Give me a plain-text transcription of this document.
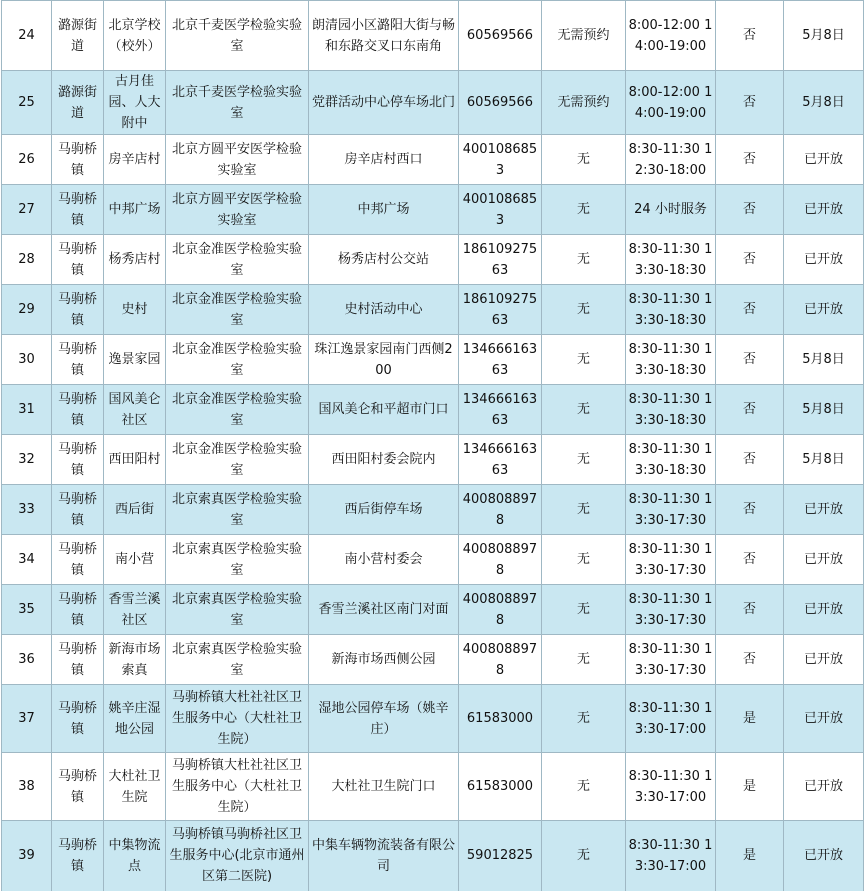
24	潞源街道	北京学校（校外）	北京千麦医学检验实验室	朗清园小区潞阳大街与畅和东路交叉口东南角	60569566	无需预约	8:00-12:00 14:00-19:00	否	5月8日
25	潞源街道	古月佳园、人大附中	北京千麦医学检验实验室	党群活动中心停车场北门	60569566	无需预约	8:00-12:00 14:00-19:00	否	5月8日
26	马驹桥镇	房辛店村	北京方圆平安医学检验实验室	房辛店村西口	4001086853	无	8:30-11:30 12:30-18:00	否	已开放
27	马驹桥镇	中邦广场	北京方圆平安医学检验实验室	中邦广场	4001086853	无	24 小时服务	否	已开放
28	马驹桥镇	杨秀店村	北京金准医学检验实验室	杨秀店村公交站	18610927563	无	8:30-11:30 13:30-18:30	否	已开放
29	马驹桥镇	史村	北京金准医学检验实验室	史村活动中心	18610927563	无	8:30-11:30 13:30-18:30	否	已开放
30	马驹桥镇	逸景家园	北京金准医学检验实验室	珠江逸景家园南门西侧200	13466616363	无	8:30-11:30 13:30-18:30	否	5月8日
31	马驹桥镇	国风美仑社区	北京金准医学检验实验室	国风美仑和平超市门口	13466616363	无	8:30-11:30 13:30-18:30	否	5月8日
32	马驹桥镇	西田阳村	北京金准医学检验实验室	西田阳村委会院内	13466616363	无	8:30-11:30 13:30-18:30	否	5月8日
33	马驹桥镇	西后街	北京索真医学检验实验室	西后街停车场	4008088978	无	8:30-11:30 13:30-17:30	否	已开放
34	马驹桥镇	南小营	北京索真医学检验实验室	南小营村委会	4008088978	无	8:30-11:30 13:30-17:30	否	已开放
35	马驹桥镇	香雪兰溪社区	北京索真医学检验实验室	香雪兰溪社区南门对面	4008088978	无	8:30-11:30 13:30-17:30	否	已开放
36	马驹桥镇	新海市场索真	北京索真医学检验实验室	新海市场西侧公园	4008088978	无	8:30-11:30 13:30-17:30	否	已开放
37	马驹桥镇	姚辛庄湿地公园	马驹桥镇大杜社社区卫生服务中心（大杜社卫生院）	湿地公园停车场（姚辛庄）	61583000	无	8:30-11:30 13:30-17:00	是	已开放
38	马驹桥镇	大杜社卫生院	马驹桥镇大杜社社区卫生服务中心（大杜社卫生院）	大杜社卫生院门口	61583000	无	8:30-11:30 13:30-17:00	是	已开放
39	马驹桥镇	中集物流点	马驹桥镇马驹桥社区卫生服务中心(北京市通州区第二医院)	中集车辆物流装备有限公司	59012825	无	8:30-11:30 13:30-17:00	是	已开放
